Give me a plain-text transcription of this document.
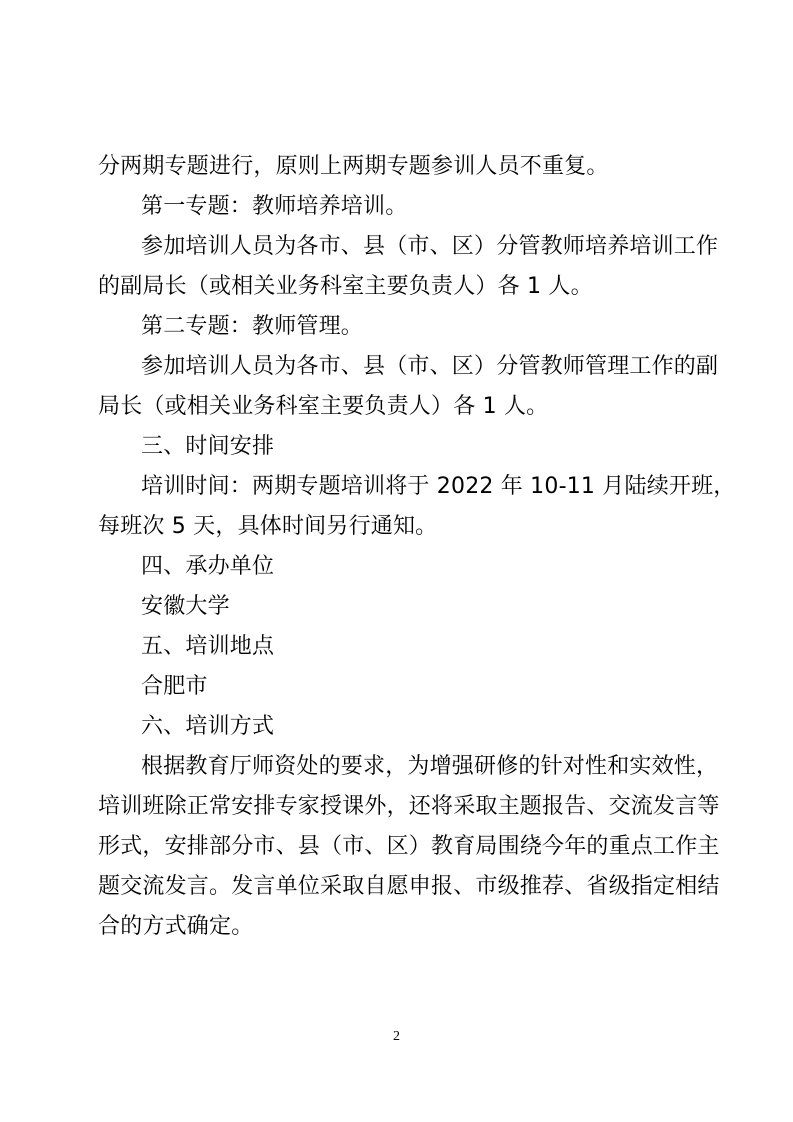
分两期专题进行，原则上两期专题参训人员不重复。
第一专题：教师培养培训。
参加培训人员为各市、县（市、区）分管教师培养培训工作
的副局长（或相关业务科室主要负责人）各 1 人。
第二专题：教师管理。
参加培训人员为各市、县（市、区）分管教师管理工作的副
局长（或相关业务科室主要负责人）各 1 人。
三、时间安排
培训时间：两期专题培训将于 2022 年 10-11 月陆续开班，
每班次 5 天，具体时间另行通知。
四、承办单位
安徽大学
五、培训地点
合肥市
六、培训方式
根据教育厅师资处的要求，为增强研修的针对性和实效性，
培训班除正常安排专家授课外，还将采取主题报告、交流发言等
形式，安排部分市、县（市、区）教育局围绕今年的重点工作主
题交流发言。发言单位采取自愿申报、市级推荐、省级指定相结
合的方式确定。
2
